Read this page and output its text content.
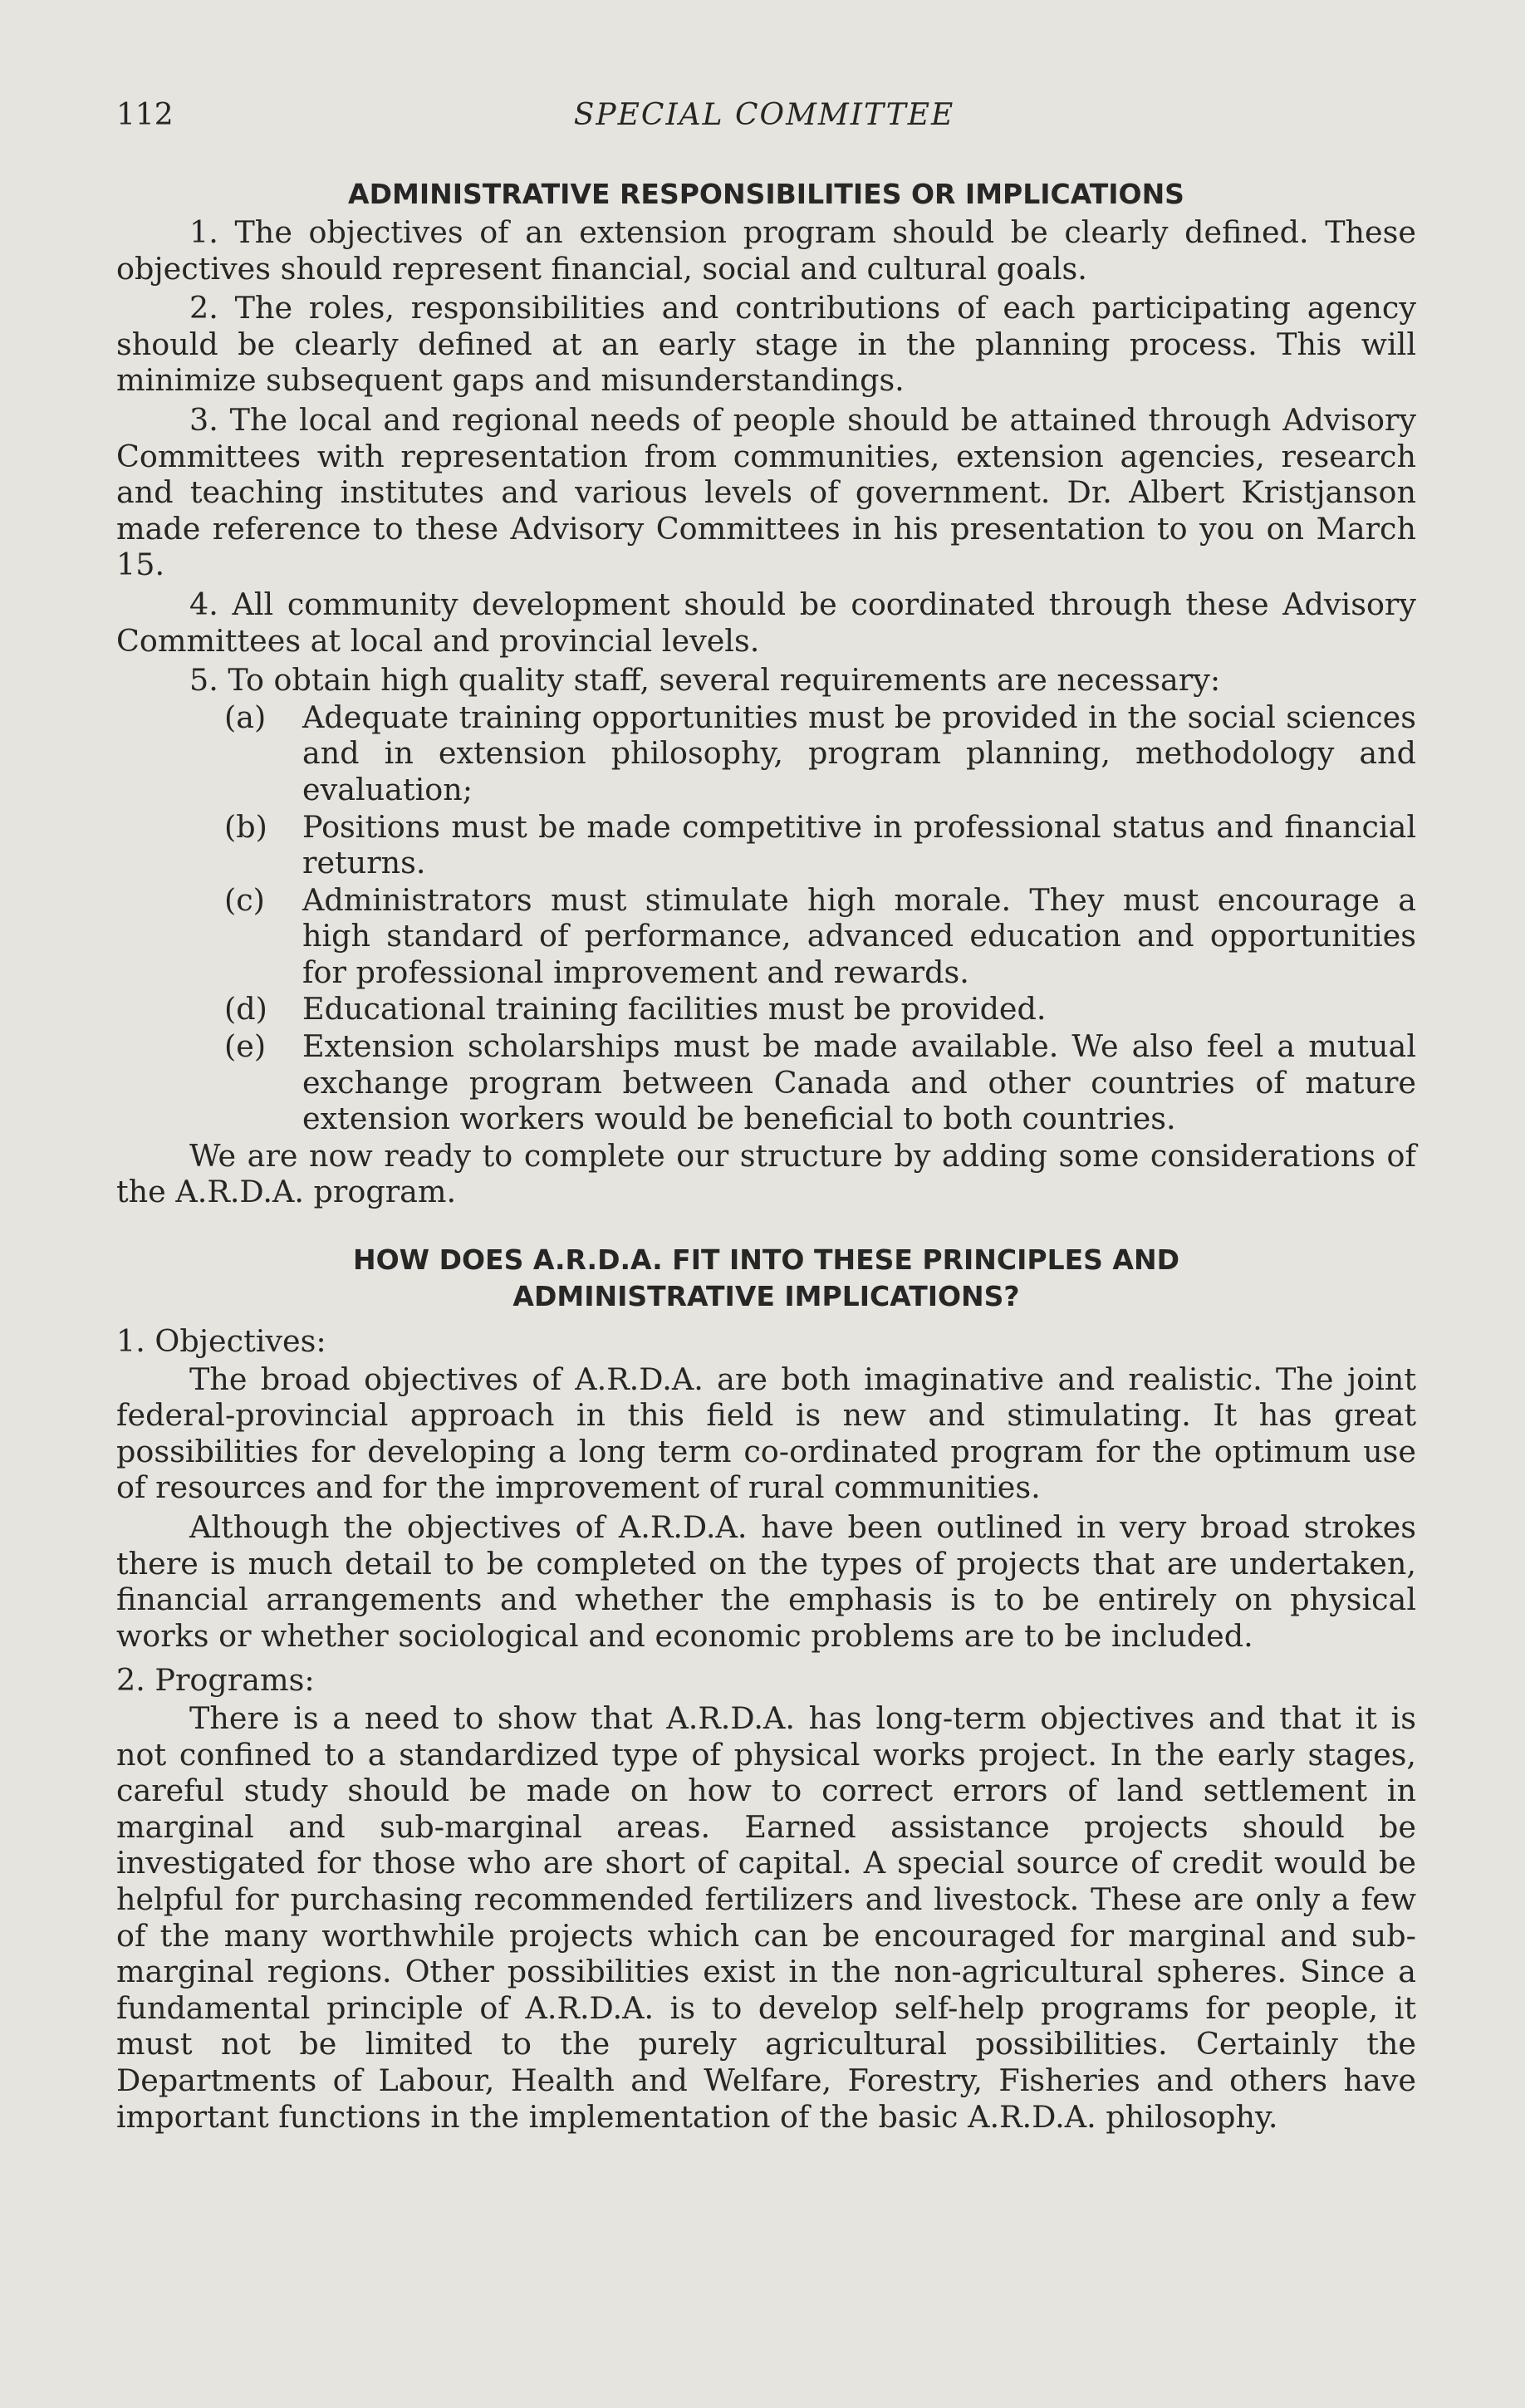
112	SPECIAL COMMITTEE
ADMINISTRATIVE RESPONSIBILITIES OR IMPLICATIONS

1. The objectives of an extension program should be clearly defined. These objectives should represent financial, social and cultural goals.

2. The roles, responsibilities and contributions of each participating agency should be clearly defined at an early stage in the planning process. This will minimize subsequent gaps and misunderstandings.

3. The local and regional needs of people should be attained through Advisory Committees with representation from communities, extension agencies, research and teaching institutes and various levels of government. Dr. Albert Kristjanson made reference to these Advisory Committees in his presentation to you on March 15.

4. All community development should be coordinated through these Advisory Committees at local and provincial levels.

5. To obtain high quality staff, several requirements are necessary:

(a)	Adequate training opportunities must be provided in the social sciences and in extension philosophy, program planning, methodology and evaluation;
(b)	Positions must be made competitive in professional status and financial returns.
(c)	Administrators must stimulate high morale. They must encourage a high standard of performance, advanced education and opportunities for professional improvement and rewards.
(d)	Educational training facilities must be provided.
(e)	Extension scholarships must be made available. We also feel a mutual exchange program between Canada and other countries of mature extension workers would be beneficial to both countries.

We are now ready to complete our structure by adding some considerations of the A.R.D.A. program.

HOW DOES A.R.D.A. FIT INTO THESE PRINCIPLES AND
ADMINISTRATIVE IMPLICATIONS?

1. Objectives:

The broad objectives of A.R.D.A. are both imaginative and realistic. The joint federal-provincial approach in this field is new and stimulating. It has great possibilities for developing a long term co-ordinated program for the optimum use of resources and for the improvement of rural communities.

Although the objectives of A.R.D.A. have been outlined in very broad strokes there is much detail to be completed on the types of projects that are undertaken, financial arrangements and whether the emphasis is to be entirely on physical works or whether sociological and economic problems are to be included.

2. Programs:

There is a need to show that A.R.D.A. has long-term objectives and that it is not confined to a standardized type of physical works project. In the early stages, careful study should be made on how to correct errors of land settlement in marginal and sub-marginal areas. Earned assistance projects should be investigated for those who are short of capital. A special source of credit would be helpful for purchasing recommended fertilizers and livestock. These are only a few of the many worthwhile projects which can be encouraged for marginal and sub-marginal regions. Other possibilities exist in the non-agricultural spheres. Since a fundamental principle of A.R.D.A. is to develop self-help programs for people, it must not be limited to the purely agricultural possibilities. Certainly the Departments of Labour, Health and Welfare, Forestry, Fisheries and others have important functions in the implementation of the basic A.R.D.A. philosophy.
